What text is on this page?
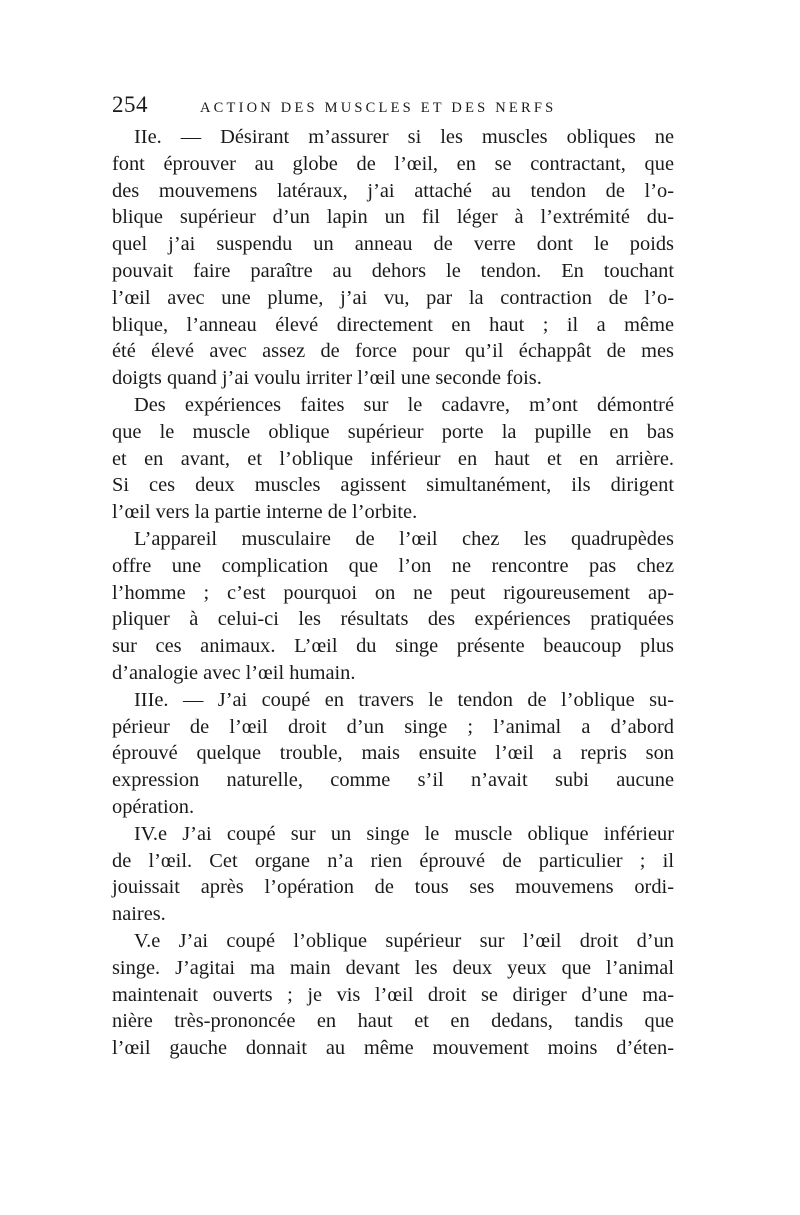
254	ACTION DES MUSCLES ET DES NERFS

IIe. — Désirant m’assurer si les muscles obliques ne
font éprouver au globe de l’œil, en se contractant, que
des mouvemens latéraux, j’ai attaché au tendon de l’o-
blique supérieur d’un lapin un fil léger à l’extrémité du-
quel j’ai suspendu un anneau de verre dont le poids
pouvait faire paraître au dehors le tendon. En touchant
l’œil avec une plume, j’ai vu, par la contraction de l’o-
blique, l’anneau élevé directement en haut ; il a même
été élevé avec assez de force pour qu’il échappât de mes
doigts quand j’ai voulu irriter l’œil une seconde fois.

Des expériences faites sur le cadavre, m’ont démontré
que le muscle oblique supérieur porte la pupille en bas
et en avant, et l’oblique inférieur en haut et en arrière.
Si ces deux muscles agissent simultanément, ils dirigent
l’œil vers la partie interne de l’orbite.

L’appareil musculaire de l’œil chez les quadrupèdes
offre une complication que l’on ne rencontre pas chez
l’homme ; c’est pourquoi on ne peut rigoureusement ap-
pliquer à celui-ci les résultats des expériences pratiquées
sur ces animaux. L’œil du singe présente beaucoup plus
d’analogie avec l’œil humain.

IIIe. — J’ai coupé en travers le tendon de l’oblique su-
périeur de l’œil droit d’un singe ; l’animal a d’abord
éprouvé quelque trouble, mais ensuite l’œil a repris son
expression naturelle, comme s’il n’avait subi aucune
opération.

IV.e J’ai coupé sur un singe le muscle oblique inférieur
de l’œil. Cet organe n’a rien éprouvé de particulier ; il
jouissait après l’opération de tous ses mouvemens ordi-
naires.

V.e J’ai coupé l’oblique supérieur sur l’œil droit d’un
singe. J’agitai ma main devant les deux yeux que l’animal
maintenait ouverts ; je vis l’œil droit se diriger d’une ma-
nière très-prononcée en haut et en dedans, tandis que
l’œil gauche donnait au même mouvement moins d’éten-
